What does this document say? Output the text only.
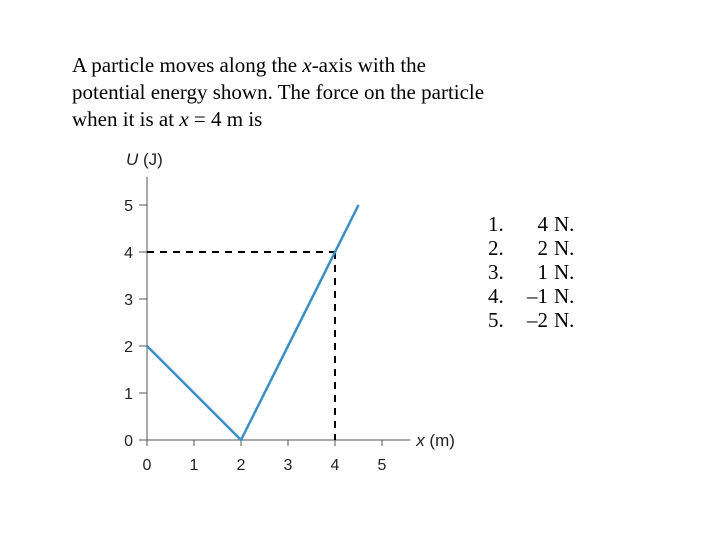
A particle moves along the x-axis with the
potential energy shown. The force on the particle
when it is at x = 4 m is
0
1
2
3
4
5
0 1 2 3 4 5
U (J)
x (m)
1.	4 N.
2.	2 N.
3.	1 N.
4.	–1 N.
5.	–2 N.
